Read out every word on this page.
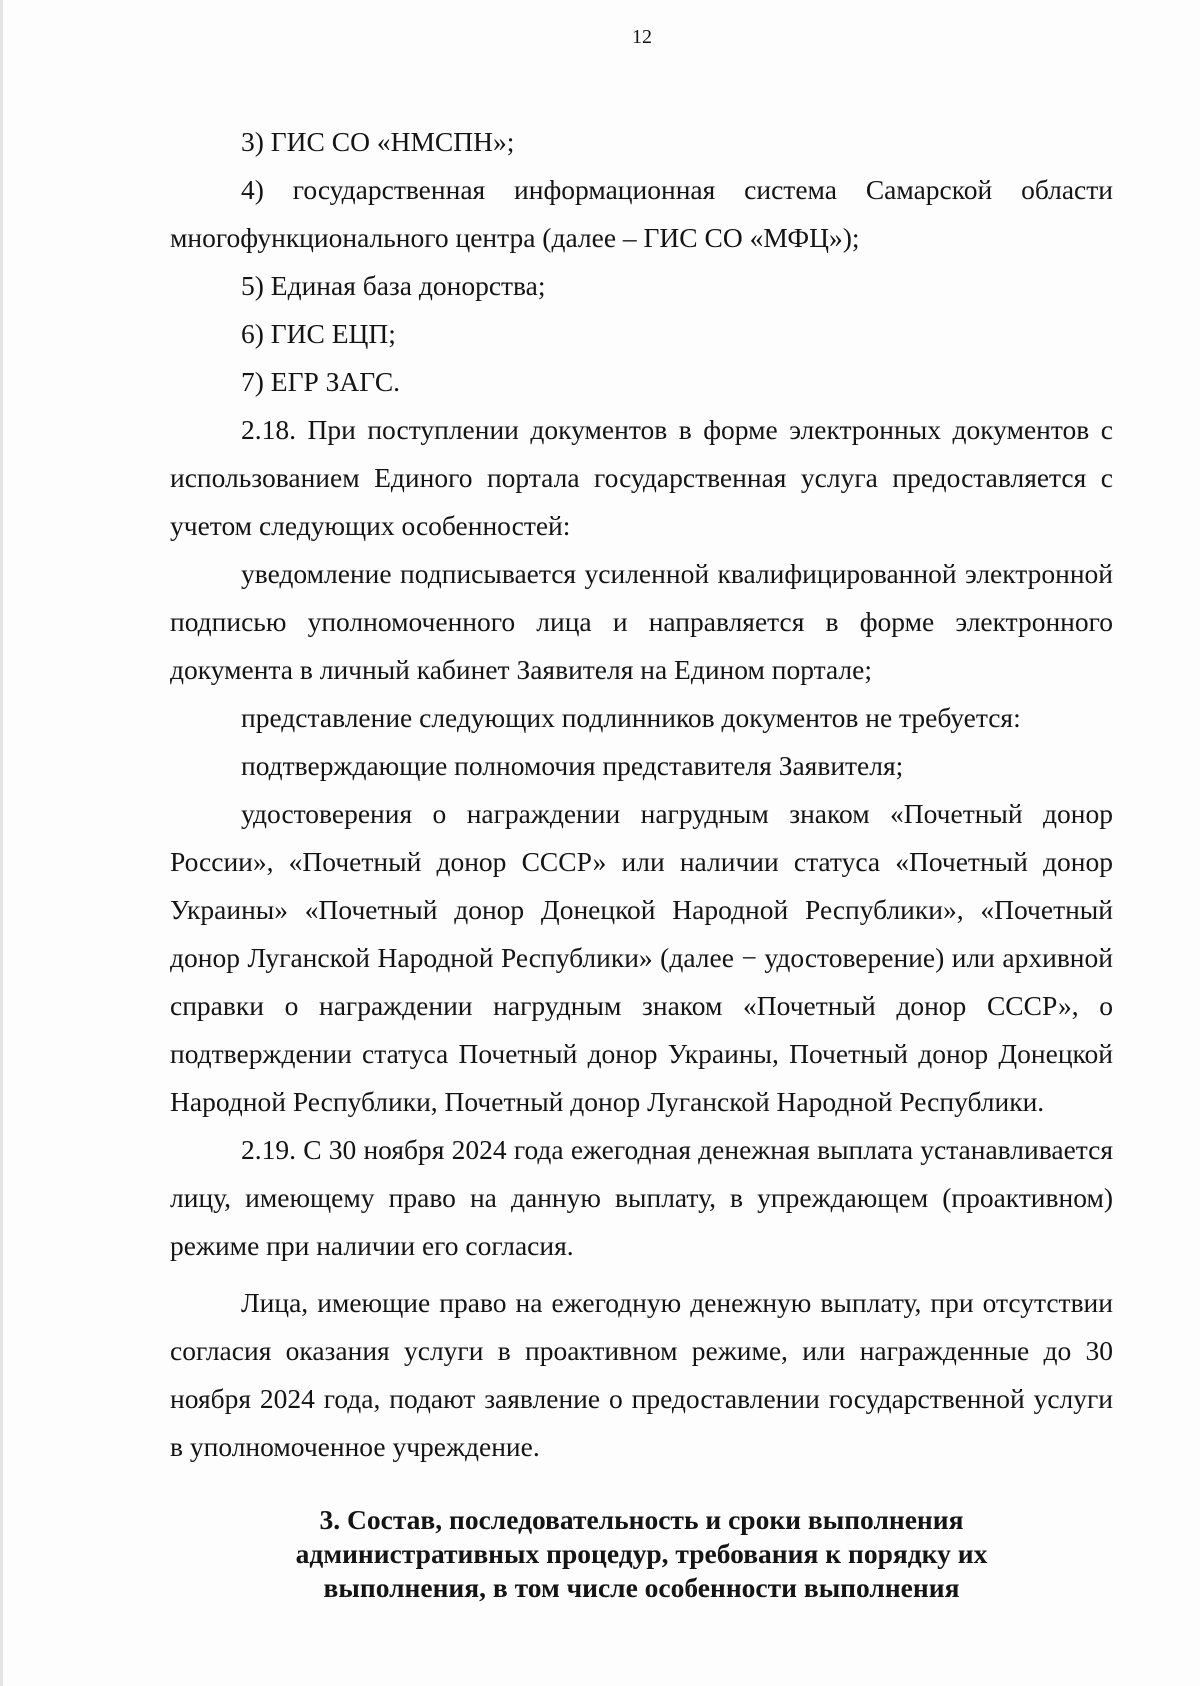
12

3) ГИС СО «НМСПН»;

4) государственная информационная система Самарской области многофункционального центра (далее – ГИС СО «МФЦ»);

5) Единая база донорства;

6) ГИС ЕЦП;

7) ЕГР ЗАГС.

2.18. При поступлении документов в форме электронных документов с использованием Единого портала государственная услуга предоставляется с учетом следующих особенностей:

уведомление подписывается усиленной квалифицированной электронной подписью уполномоченного лица и направляется в форме электронного документа в личный кабинет Заявителя на Едином портале;

представление следующих подлинников документов не требуется:

подтверждающие полномочия представителя Заявителя;

удостоверения о награждении нагрудным знаком «Почетный донор России», «Почетный донор СССР» или наличии статуса «Почетный донор Украины» «Почетный донор Донецкой Народной Республики», «Почетный донор Луганской Народной Республики» (далее − удостоверение) или архивной справки о награждении нагрудным знаком «Почетный донор СССР», о подтверждении статуса Почетный донор Украины, Почетный донор Донецкой Народной Республики, Почетный донор Луганской Народной Республики.

2.19. С 30 ноября 2024 года ежегодная денежная выплата устанавливается лицу, имеющему право на данную выплату, в упреждающем (проактивном) режиме при наличии его согласия.

Лица, имеющие право на ежегодную денежную выплату, при отсутствии согласия оказания услуги в проактивном режиме, или награжденные до 30 ноября 2024 года, подают заявление о предоставлении государственной услуги в уполномоченное учреждение.

3. Состав, последовательность и сроки выполнения
административных процедур, требования к порядку их
выполнения, в том числе особенности выполнения
